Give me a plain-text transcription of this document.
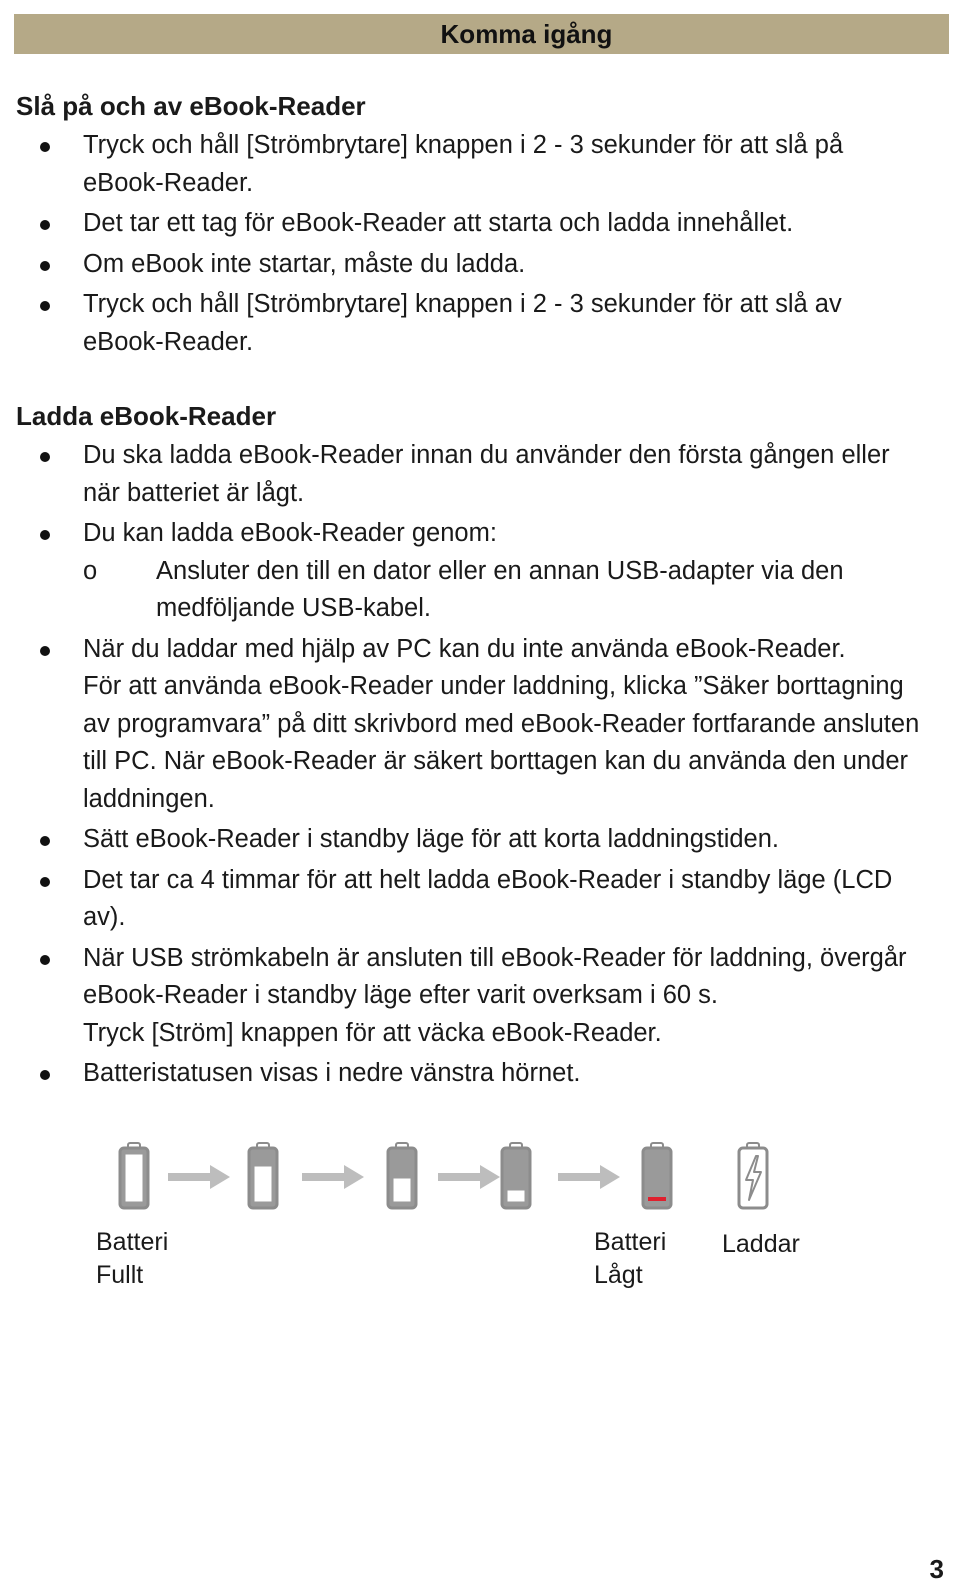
Komma igång
Slå på och av eBook-Reader
Tryck och håll [Strömbrytare] knappen i 2 - 3 sekunder för att slå på eBook-Reader.
Det tar ett tag för eBook-Reader att starta och ladda innehållet.
Om eBook inte startar, måste du ladda.
Tryck och håll [Strömbrytare] knappen i 2 - 3 sekunder för att slå av eBook-Reader.
Ladda eBook-Reader
Du ska ladda eBook-Reader innan du använder den första gången eller när batteriet är lågt.
Du kan ladda eBook-Reader genom:
o Ansluter den till en dator eller en annan USB-adapter via den medföljande USB-kabel.
När du laddar med hjälp av PC kan du inte använda eBook-Reader.
För att använda eBook-Reader under laddning, klicka ”Säker borttagning av programvara” på ditt skrivbord med eBook-Reader fortfarande ansluten till PC. När eBook-Reader är säkert borttagen kan du använda den under laddningen.
Sätt eBook-Reader i standby läge för att korta laddningstiden.
Det tar ca 4 timmar för att helt ladda eBook-Reader i standby läge (LCD av).
När USB strömkabeln är ansluten till eBook-Reader för laddning, övergår eBook-Reader i standby läge efter varit overksam i 60 s.
Tryck [Ström] knappen för att väcka eBook-Reader.
Batteristatusen visas i nedre vänstra hörnet.
Batteri
Fullt
Batteri
Lågt
Laddar
3
